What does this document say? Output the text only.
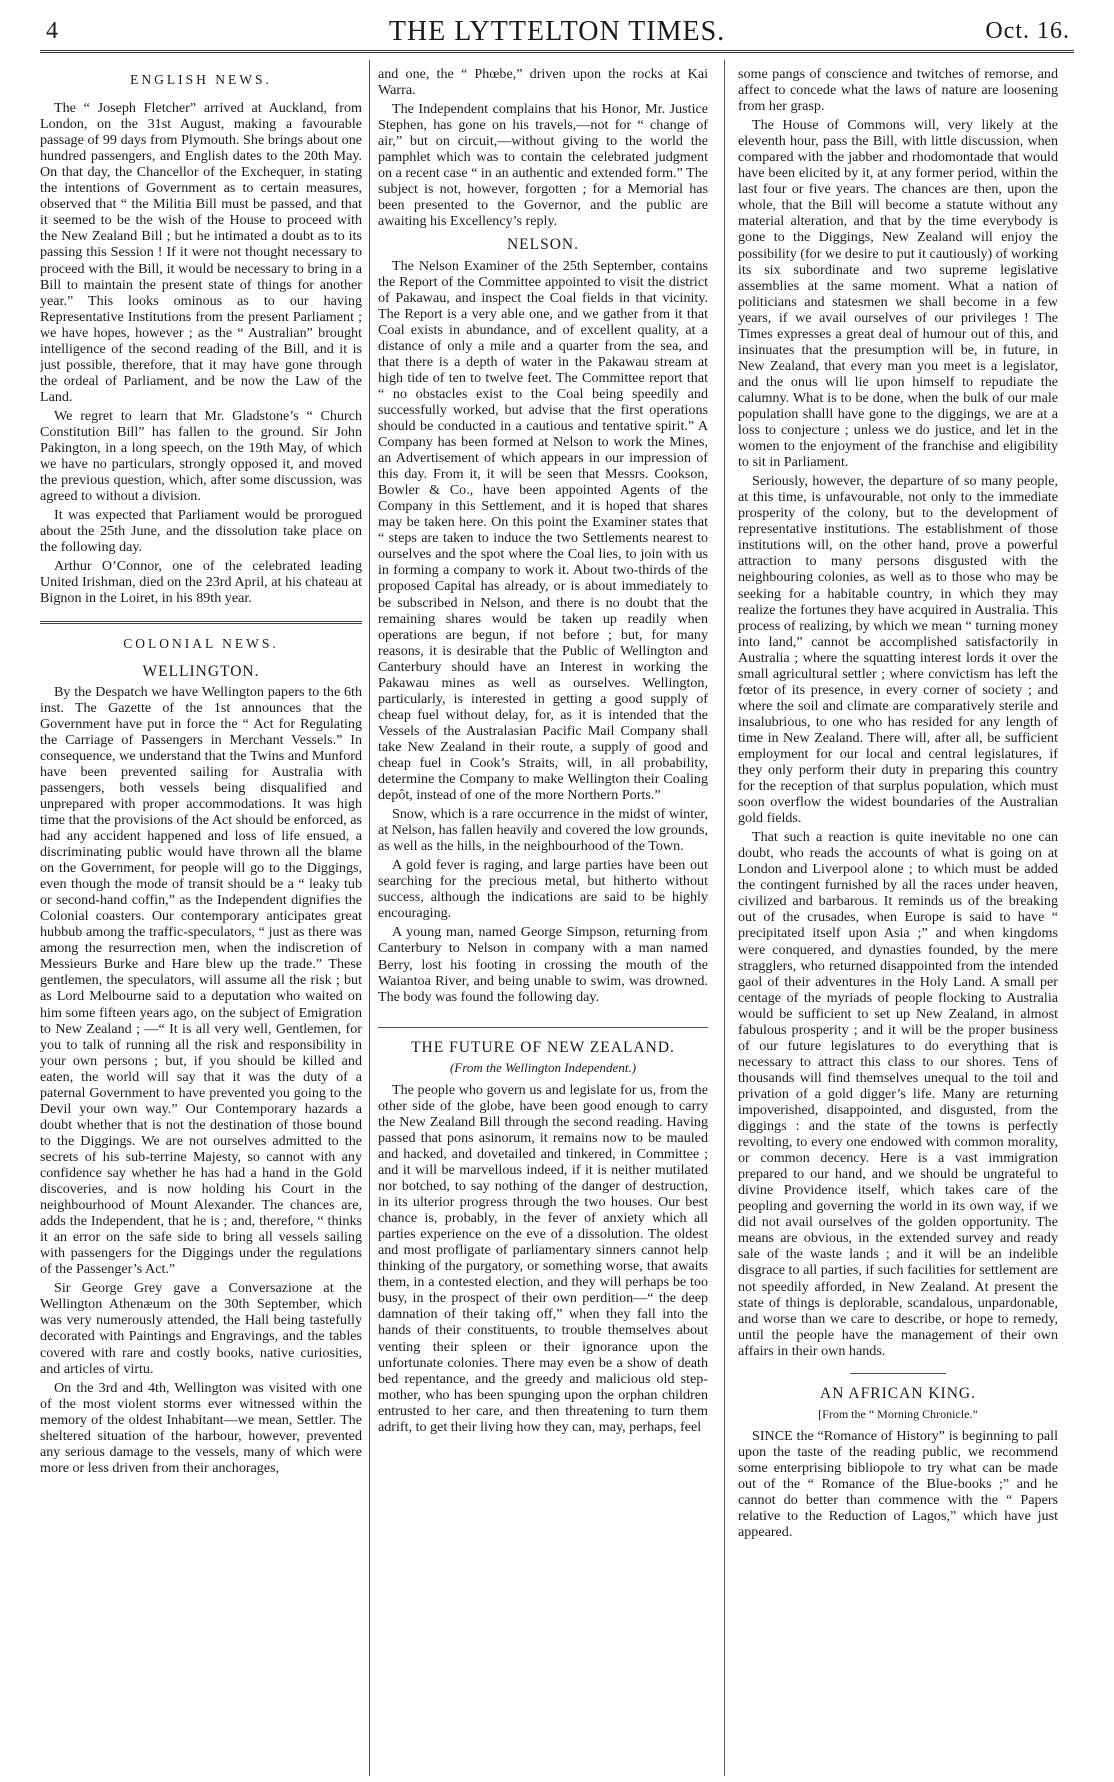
4	THE LYTTELTON TIMES.	Oct. 16.
ENGLISH NEWS.

The “ Joseph Fletcher” arrived at Auckland, from London, on the 31st August, making a favourable passage of 99 days from Plymouth. She brings about one hundred passengers, and English dates to the 20th May. On that day, the Chancellor of the Exchequer, in stating the intentions of Government as to certain measures, observed that “ the Militia Bill must be passed, and that it seemed to be the wish of the House to proceed with the New Zealand Bill ; but he intimated a doubt as to its passing this Session ! If it were not thought necessary to proceed with the Bill, it would be necessary to bring in a Bill to maintain the present state of things for another year.” This looks ominous as to our having Representative Institutions from the present Parliament ; we have hopes, however ; as the “ Australian” brought intelligence of the second reading of the Bill, and it is just possible, therefore, that it may have gone through the ordeal of Parliament, and be now the Law of the Land.

We regret to learn that Mr. Gladstone’s “ Church Constitution Bill” has fallen to the ground. Sir John Pakington, in a long speech, on the 19th May, of which we have no particulars, strongly opposed it, and moved the previous question, which, after some discussion, was agreed to without a division.

It was expected that Parliament would be prorogued about the 25th June, and the dissolution take place on the following day.

Arthur O’Connor, one of the celebrated leading United Irishman, died on the 23rd April, at his chateau at Bignon in the Loiret, in his 89th year.

COLONIAL NEWS.
WELLINGTON.

By the Despatch we have Wellington papers to the 6th inst. The Gazette of the 1st announces that the Government have put in force the “ Act for Regulating the Carriage of Passengers in Merchant Vessels.” In consequence, we understand that the Twins and Munford have been prevented sailing for Australia with passengers, both vessels being disqualified and unprepared with proper accommodations. It was high time that the provisions of the Act should be enforced, as had any accident happened and loss of life ensued, a discriminating public would have thrown all the blame on the Government, for people will go to the Diggings, even though the mode of transit should be a “ leaky tub or second-hand coffin,” as the Independent dignifies the Colonial coasters. Our contemporary anticipates great hubbub among the traffic-speculators, “ just as there was among the resurrection men, when the indiscretion of Messieurs Burke and Hare blew up the trade.” These gentlemen, the speculators, will assume all the risk ; but as Lord Melbourne said to a deputation who waited on him some fifteen years ago, on the subject of Emigration to New Zealand ; —“ It is all very well, Gentlemen, for you to talk of running all the risk and responsibility in your own persons ; but, if you should be killed and eaten, the world will say that it was the duty of a paternal Government to have prevented you going to the Devil your own way.” Our Contemporary hazards a doubt whether that is not the destination of those bound to the Diggings. We are not ourselves admitted to the secrets of his sub-terrine Majesty, so cannot with any confidence say whether he has had a hand in the Gold discoveries, and is now holding his Court in the neighbourhood of Mount Alexander. The chances are, adds the Independent, that he is ; and, therefore, “ thinks it an error on the safe side to bring all vessels sailing with passengers for the Diggings under the regulations of the Passenger’s Act.”

Sir George Grey gave a Conversazione at the Wellington Athenæum on the 30th September, which was very numerously attended, the Hall being tastefully decorated with Paintings and Engravings, and the tables covered with rare and costly books, native curiosities, and articles of virtu.

On the 3rd and 4th, Wellington was visited with one of the most violent storms ever witnessed within the memory of the oldest Inhabitant—we mean, Settler. The sheltered situation of the harbour, however, prevented any serious damage to the vessels, many of which were more or less driven from their anchorages,

and one, the “ Phœbe,” driven upon the rocks at Kai Warra.

The Independent complains that his Honor, Mr. Justice Stephen, has gone on his travels,—not for “ change of air,” but on circuit,—without giving to the world the pamphlet which was to contain the celebrated judgment on a recent case “ in an authentic and extended form.” The subject is not, however, forgotten ; for a Memorial has been presented to the Governor, and the public are awaiting his Excellency’s reply.

NELSON.

The Nelson Examiner of the 25th September, contains the Report of the Committee appointed to visit the district of Pakawau, and inspect the Coal fields in that vicinity. The Report is a very able one, and we gather from it that Coal exists in abundance, and of excellent quality, at a distance of only a mile and a quarter from the sea, and that there is a depth of water in the Pakawau stream at high tide of ten to twelve feet. The Committee report that “ no obstacles exist to the Coal being speedily and successfully worked, but advise that the first operations should be conducted in a cautious and tentative spirit.” A Company has been formed at Nelson to work the Mines, an Advertisement of which appears in our impression of this day. From it, it will be seen that Messrs. Cookson, Bowler & Co., have been appointed Agents of the Company in this Settlement, and it is hoped that shares may be taken here. On this point the Examiner states that “ steps are taken to induce the two Settlements nearest to ourselves and the spot where the Coal lies, to join with us in forming a company to work it. About two-thirds of the proposed Capital has already, or is about immediately to be subscribed in Nelson, and there is no doubt that the remaining shares would be taken up readily when operations are begun, if not before ; but, for many reasons, it is desirable that the Public of Wellington and Canterbury should have an Interest in working the Pakawau mines as well as ourselves. Wellington, particularly, is interested in getting a good supply of cheap fuel without delay, for, as it is intended that the Vessels of the Australasian Pacific Mail Company shall take New Zealand in their route, a supply of good and cheap fuel in Cook’s Straits, will, in all probability, determine the Company to make Wellington their Coaling depôt, instead of one of the more Northern Ports.”

Snow, which is a rare occurrence in the midst of winter, at Nelson, has fallen heavily and covered the low grounds, as well as the hills, in the neighbourhood of the Town.

A gold fever is raging, and large parties have been out searching for the precious metal, but hitherto without success, although the indications are said to be highly encouraging.

A young man, named George Simpson, returning from Canterbury to Nelson in company with a man named Berry, lost his footing in crossing the mouth of the Waiantoa River, and being unable to swim, was drowned. The body was found the following day.

THE FUTURE OF NEW ZEALAND.
(From the Wellington Independent.)

The people who govern us and legislate for us, from the other side of the globe, have been good enough to carry the New Zealand Bill through the second reading. Having passed that pons asinorum, it remains now to be mauled and hacked, and dovetailed and tinkered, in Committee ; and it will be marvellous indeed, if it is neither mutilated nor botched, to say nothing of the danger of destruction, in its ulterior progress through the two houses. Our best chance is, probably, in the fever of anxiety which all parties experience on the eve of a dissolution. The oldest and most profligate of parliamentary sinners cannot help thinking of the purgatory, or something worse, that awaits them, in a contested election, and they will perhaps be too busy, in the prospect of their own perdition—“ the deep damnation of their taking off,” when they fall into the hands of their constituents, to trouble themselves about venting their spleen or their ignorance upon the unfortunate colonies. There may even be a show of death bed repentance, and the greedy and malicious old step-mother, who has been spunging upon the orphan children entrusted to her care, and then threatening to turn them adrift, to get their living how they can, may, perhaps, feel

some pangs of conscience and twitches of remorse, and affect to concede what the laws of nature are loosening from her grasp.

The House of Commons will, very likely at the eleventh hour, pass the Bill, with little discussion, when compared with the jabber and rhodomontade that would have been elicited by it, at any former period, within the last four or five years. The chances are then, upon the whole, that the Bill will become a statute without any material alteration, and that by the time everybody is gone to the Diggings, New Zealand will enjoy the possibility (for we desire to put it cautiously) of working its six subordinate and two supreme legislative assemblies at the same moment. What a nation of politicians and statesmen we shall become in a few years, if we avail ourselves of our privileges ! The Times expresses a great deal of humour out of this, and insinuates that the presumption will be, in future, in New Zealand, that every man you meet is a legislator, and the onus will lie upon himself to repudiate the calumny. What is to be done, when the bulk of our male population shalll have gone to the diggings, we are at a loss to conjecture ; unless we do justice, and let in the women to the enjoyment of the franchise and eligibility to sit in Parliament.

Seriously, however, the departure of so many people, at this time, is unfavourable, not only to the immediate prosperity of the colony, but to the development of representative institutions. The establishment of those institutions will, on the other hand, prove a powerful attraction to many persons disgusted with the neighbouring colonies, as well as to those who may be seeking for a habitable country, in which they may realize the fortunes they have acquired in Australia. This process of realizing, by which we mean “ turning money into land,” cannot be accomplished satisfactorily in Australia ; where the squatting interest lords it over the small agricultural settler ; where convictism has left the fœtor of its presence, in every corner of society ; and where the soil and climate are comparatively sterile and insalubrious, to one who has resided for any length of time in New Zealand. There will, after all, be sufficient employment for our local and central legislatures, if they only perform their duty in preparing this country for the reception of that surplus population, which must soon overflow the widest boundaries of the Australian gold fields.

That such a reaction is quite inevitable no one can doubt, who reads the accounts of what is going on at London and Liverpool alone ; to which must be added the contingent furnished by all the races under heaven, civilized and barbarous. It reminds us of the breaking out of the crusades, when Europe is said to have “ precipitated itself upon Asia ;” and when kingdoms were conquered, and dynasties founded, by the mere stragglers, who returned disappointed from the intended gaol of their adventures in the Holy Land. A small per centage of the myriads of people flocking to Australia would be sufficient to set up New Zealand, in almost fabulous prosperity ; and it will be the proper business of our future legislatures to do everything that is necessary to attract this class to our shores. Tens of thousands will find themselves unequal to the toil and privation of a gold digger’s life. Many are returning impoverished, disappointed, and disgusted, from the diggings : and the state of the towns is perfectly revolting, to every one endowed with common morality, or common decency. Here is a vast immigration prepared to our hand, and we should be ungrateful to divine Providence itself, which takes care of the peopling and governing the world in its own way, if we did not avail ourselves of the golden opportunity. The means are obvious, in the extended survey and ready sale of the waste lands ; and it will be an indelible disgrace to all parties, if such facilities for settlement are not speedily afforded, in New Zealand. At present the state of things is deplorable, scandalous, unpardonable, and worse than we care to describe, or hope to remedy, until the people have the management of their own affairs in their own hands.

AN AFRICAN KING.
[From the “ Morning Chronicle.”

SINCE the “Romance of History” is beginning to pall upon the taste of the reading public, we recommend some enterprising bibliopole to try what can be made out of the “ Romance of the Blue-books ;” and he cannot do better than commence with the “ Papers relative to the Reduction of Lagos,” which have just appeared.
